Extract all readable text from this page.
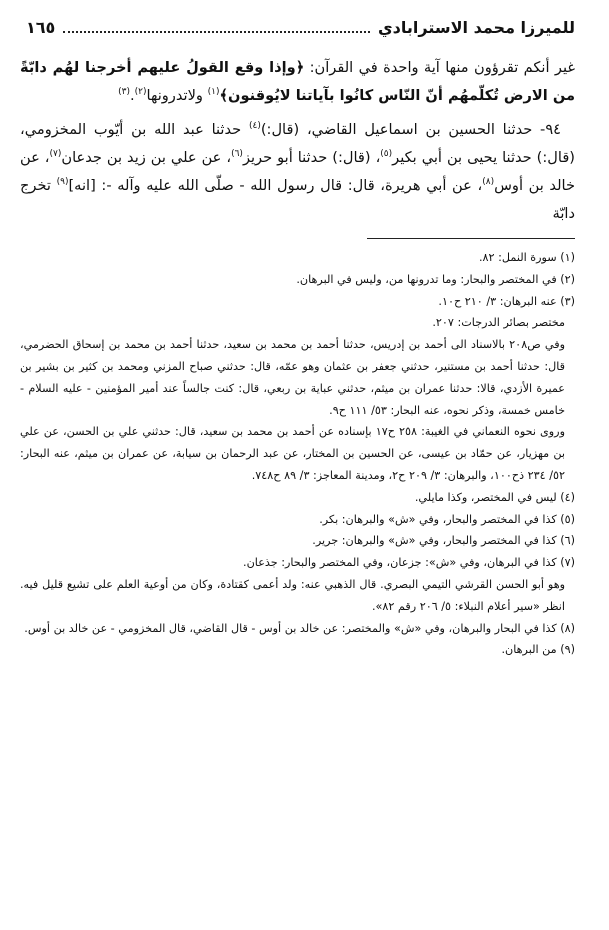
للميرزا محمد الاسترابادي
١٦٥

غير أنكم تقرؤون منها آية واحدة في القرآن: ﴿وإذا وقع القولُ عليهم أخرجنا لهُم دابّةً من الارض تُكلّمهُم أنّ النّاس كانُوا بآياتنا لايُوقنون﴾$^{(١)}$ ولاتدرونها$^{(٢)}$.$^{(٣)}$

٩٤- حدثنا الحسين بن اسماعيل القاضي، (قال:)$^{(٤)}$ حدثنا عبد الله بن أيّوب المخزومي، (قال:) حدثنا يحيى بن أبي بكير$^{(٥)}$، (قال:) حدثنا أبو حريز$^{(٦)}$، عن علي بن زيد بن جدعان$^{(٧)}$، عن خالد بن أوس$^{(٨)}$، عن أبي هريرة، قال: قال رسول الله - صلّى الله عليه وآله -: [انه]$^{(٩)}$ تخرج دابّة

(١) سورة النمل: ٨٢.

(٢) في المختصر والبحار: وما تدرونها من، وليس في البرهان.

(٣) عنه البرهان: ٣/ ٢١٠ ح١٠.

مختصر بصائر الدرجات: ٢٠٧.

وفي ص٢٠٨ بالاسناد الى أحمد بن إدريس، حدثنا أحمد بن محمد بن سعيد، حدثنا أحمد بن محمد بن إسحاق الحضرمي، قال: حدثنا أحمد بن مستنير، حدثني جعفر بن عثمان وهو عمّه، قال: حدثني صباح المزني ومحمد بن كثير بن بشير بن عميرة الأزدي، قالا: حدثنا عمران بن ميثم، حدثني عباية بن ربعي، قال: كنت جالساً عند أمير المؤمنين - عليه السلام - خامس خمسة، وذكر نحوه، عنه البحار: ٥٣/ ١١١ ح٩.

وروى نحوه النعماني في الغيبة: ٢٥٨ ح١٧ بإسناده عن أحمد بن محمد بن سعيد، قال: حدثني علي بن الحسن، عن علي بن مهزيار، عن حمّاد بن عيسى، عن الحسين بن المختار، عن عبد الرحمان بن سيابة، عن عمران بن ميثم، عنه البحار: ٥٢/ ٢٣٤ ذح١٠٠، والبرهان: ٣/ ٢٠٩ ح٢، ومدينة المعاجز: ٣/ ٨٩ ح٧٤٨.

(٤) ليس في المختصر، وكذا مايلي.

(٥) كذا في المختصر والبحار، وفي «ش» والبرهان: بكر.

(٦) كذا في المختصر والبحار، وفي «ش» والبرهان: جرير.

(٧) كذا في البرهان، وفي «ش»: جزعان، وفي المختصر والبحار: جذعان.

وهو أبو الحسن القرشي التيمي البصري. قال الذهبي عنه: ولد أعمى كقتادة، وكان من أوعية العلم على تشيع قليل فيه. انظر «سير أعلام النبلاء: ٥/ ٢٠٦ رقم ٨٢».

(٨) كذا في البحار والبرهان، وفي «ش» والمختصر: عن خالد بن أوس - قال القاضي، قال المخزومي - عن خالد بن أوس.

(٩) من البرهان.
